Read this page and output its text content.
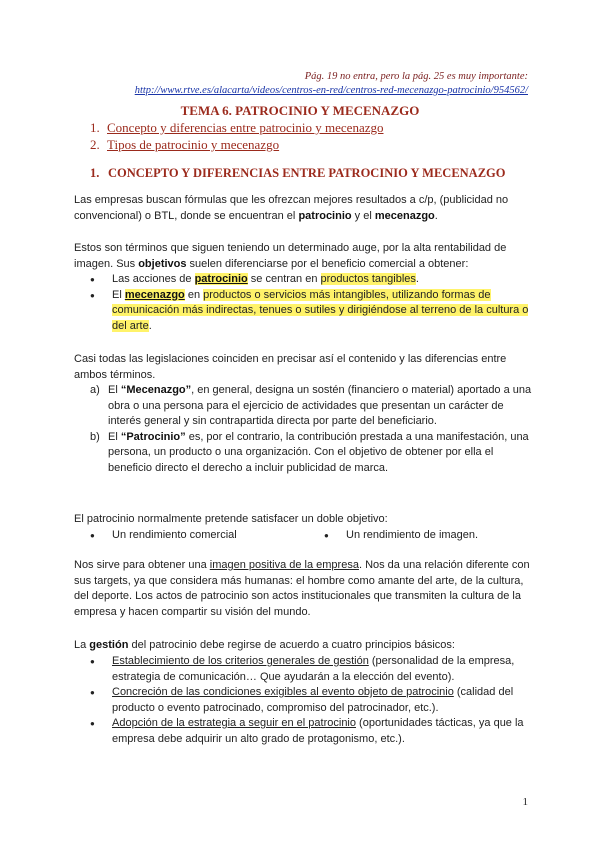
Pág. 19 no entra, pero la pág. 25 es muy importante:
http://www.rtve.es/alacarta/videos/centros-en-red/centros-red-mecenazgo-patrocinio/954562/
TEMA 6. PATROCINIO Y MECENAZGO
1. Concepto y diferencias entre patrocinio y mecenazgo
2. Tipos de patrocinio y mecenazgo
1. CONCEPTO Y DIFERENCIAS ENTRE PATROCINIO Y MECENAZGO
Las empresas buscan fórmulas que les ofrezcan mejores resultados a c/p, (publicidad no convencional) o BTL, donde se encuentran el patrocinio y el mecenazgo.
Estos son términos que siguen teniendo un determinado auge, por la alta rentabilidad de imagen. Sus objetivos suelen diferenciarse por el beneficio comercial a obtener:
● Las acciones de patrocinio se centran en productos tangibles.
● El mecenazgo en productos o servicios más intangibles, utilizando formas de comunicación más indirectas, tenues o sutiles y dirigiéndose al terreno de la cultura o del arte.
Casi todas las legislaciones coinciden en precisar así el contenido y las diferencias entre ambos términos.
a) El “Mecenazgo”, en general, designa un sostén (financiero o material) aportado a una obra o una persona para el ejercicio de actividades que presentan un carácter de interés general y sin contrapartida directa por parte del beneficiario.
b) El “Patrocinio” es, por el contrario, la contribución prestada a una manifestación, una persona, un producto o una organización. Con el objetivo de obtener por ella el beneficio directo el derecho a incluir publicidad de marca.
El patrocinio normalmente pretende satisfacer un doble objetivo:
● Un rendimiento comercial
●	Un rendimiento de imagen.
Nos sirve para obtener una imagen positiva de la empresa. Nos da una relación diferente con sus targets, ya que considera más humanas: el hombre como amante del arte, de la cultura, del deporte. Los actos de patrocinio son actos institucionales que transmiten la cultura de la empresa y hacen compartir su visión del mundo.
La gestión del patrocinio debe regirse de acuerdo a cuatro principios básicos:
● Establecimiento de los criterios generales de gestión (personalidad de la empresa, estrategia de comunicación… Que ayudarán a la elección del evento).
● Concreción de las condiciones exigibles al evento objeto de patrocinio (calidad del producto o evento patrocinado, compromiso del patrocinador, etc.).
● Adopción de la estrategia a seguir en el patrocinio (oportunidades tácticas, ya que la empresa debe adquirir un alto grado de protagonismo, etc.).
1
